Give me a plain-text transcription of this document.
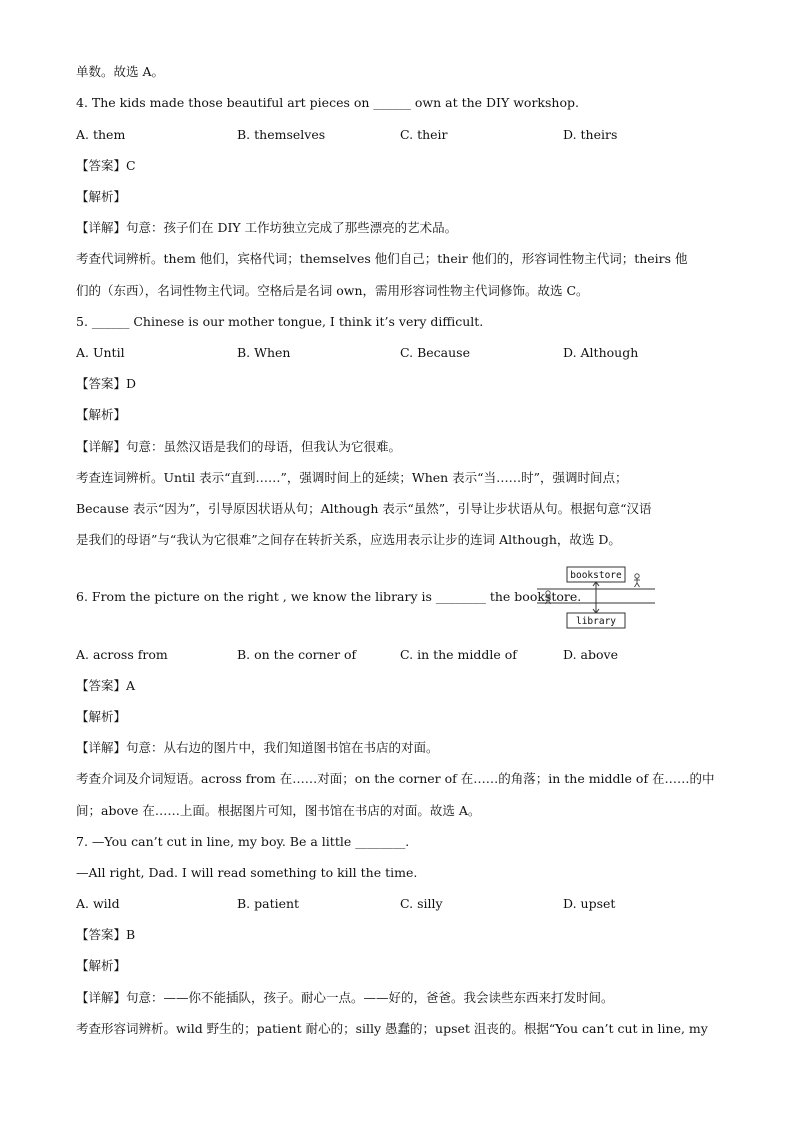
单数。故选 A。
4. The kids made those beautiful art pieces on ______ own at the DIY workshop.
A. them	B. themselves	C. their	D. theirs
【答案】C
【解析】
【详解】句意：孩子们在 DIY 工作坊独立完成了那些漂亮的艺术品。
考查代词辨析。them 他们，宾格代词；themselves 他们自己；their 他们的，形容词性物主代词；theirs 他
们的（东西），名词性物主代词。空格后是名词 own，需用形容词性物主代词修饰。故选 C。
5. ______ Chinese is our mother tongue, I think it’s very difficult.
A. Until	B. When	C. Because	D. Although
【答案】D
【解析】
【详解】句意：虽然汉语是我们的母语，但我认为它很难。
考查连词辨析。Until 表示“直到……”，强调时间上的延续；When 表示“当……时”，强调时间点；
Because 表示“因为”，引导原因状语从句；Although 表示“虽然”，引导让步状语从句。根据句意“汉语
是我们的母语”与“我认为它很难”之间存在转折关系，应选用表示让步的连词 Although，故选 D。
6. From the picture on the right , we know the library is ________ the bookstore.
bookstore
library
A. across from	B. on the corner of	C. in the middle of	D. above
【答案】A
【解析】
【详解】句意：从右边的图片中，我们知道图书馆在书店的对面。
考查介词及介词短语。across from 在……对面；on the corner of 在……的角落；in the middle of 在……的中
间；above 在……上面。根据图片可知，图书馆在书店的对面。故选 A。
7. —You can’t cut in line, my boy. Be a little ________.
—All right, Dad. I will read something to kill the time.
A. wild	B. patient	C. silly	D. upset
【答案】B
【解析】
【详解】句意：——你不能插队，孩子。耐心一点。——好的，爸爸。我会读些东西来打发时间。
考查形容词辨析。wild 野生的；patient 耐心的；silly 愚蠢的；upset 沮丧的。根据“You can’t cut in line, my
